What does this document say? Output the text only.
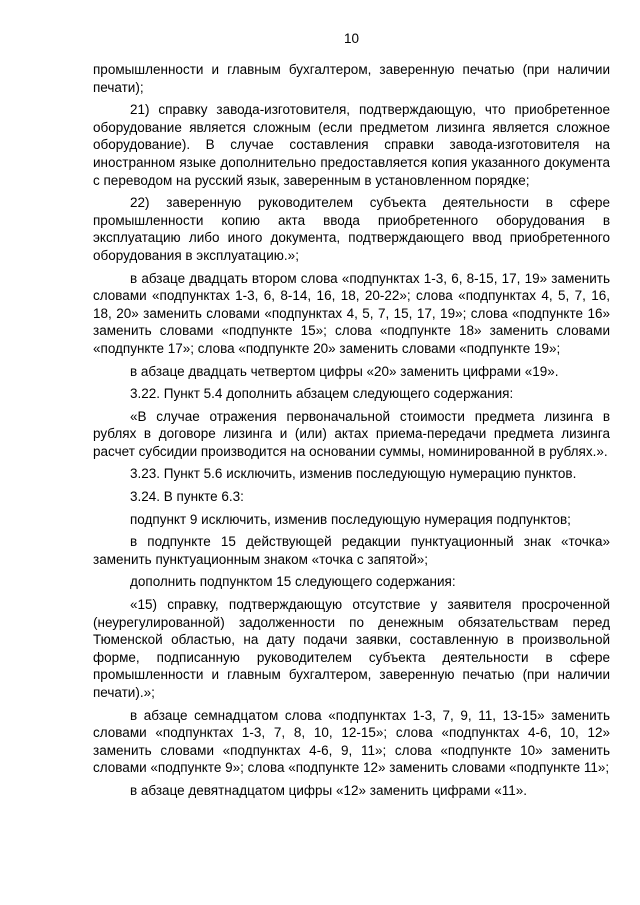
10

промышленности и главным бухгалтером, заверенную печатью (при наличии печати);

21) справку завода-изготовителя, подтверждающую, что приобретенное оборудование является сложным (если предметом лизинга является сложное оборудование). В случае составления справки завода-изготовителя на иностранном языке дополнительно предоставляется копия указанного документа с переводом на русский язык, заверенным в установленном порядке;

22) заверенную руководителем субъекта деятельности в сфере промышленности копию акта ввода приобретенного оборудования в эксплуатацию либо иного документа, подтверждающего ввод приобретенного оборудования в эксплуатацию.»;

в абзаце двадцать втором слова «подпунктах 1-3, 6, 8-15, 17, 19» заменить словами «подпунктах 1-3, 6, 8-14, 16, 18, 20-22»; слова «подпунктах 4, 5, 7, 16, 18, 20» заменить словами «подпунктах 4, 5, 7, 15, 17, 19»; слова «подпункте 16» заменить словами «подпункте 15»; слова «подпункте 18» заменить словами «подпункте 17»; слова «подпункте 20» заменить словами «подпункте 19»;

в абзаце двадцать четвертом цифры «20» заменить цифрами «19».

3.22. Пункт 5.4 дополнить абзацем следующего содержания:

«В случае отражения первоначальной стоимости предмета лизинга в рублях в договоре лизинга и (или) актах приема-передачи предмета лизинга расчет субсидии производится на основании суммы, номинированной в рублях.».

3.23. Пункт 5.6 исключить, изменив последующую нумерацию пунктов.

3.24. В пункте 6.3:

подпункт 9 исключить, изменив последующую нумерация подпунктов;

в подпункте 15 действующей редакции пунктуационный знак «точка» заменить пунктуационным знаком «точка с запятой»;

дополнить подпунктом 15 следующего содержания:

«15) справку, подтверждающую отсутствие у заявителя просроченной (неурегулированной) задолженности по денежным обязательствам перед Тюменской областью, на дату подачи заявки, составленную в произвольной форме, подписанную руководителем субъекта деятельности в сфере промышленности и главным бухгалтером, заверенную печатью (при наличии печати).»;

в абзаце семнадцатом слова «подпунктах 1-3, 7, 9, 11, 13-15» заменить словами «подпунктах 1-3, 7, 8, 10, 12-15»; слова «подпунктах 4-6, 10, 12» заменить словами «подпунктах 4-6, 9, 11»; слова «подпункте 10» заменить словами «подпункте 9»; слова «подпункте 12» заменить словами «подпункте 11»;

в абзаце девятнадцатом цифры «12» заменить цифрами «11».
